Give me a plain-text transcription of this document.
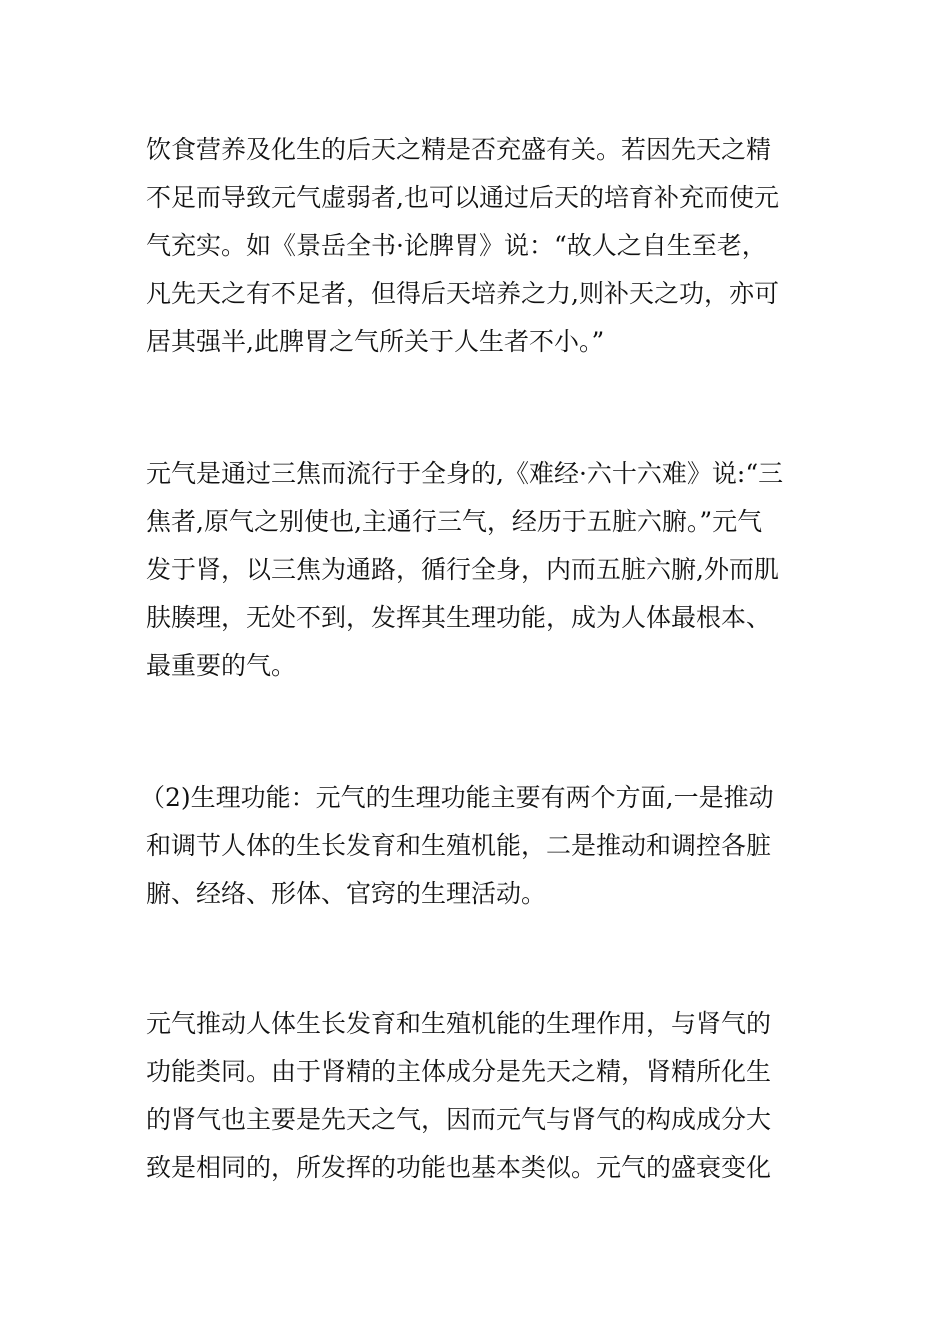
饮食营养及化生的后天之精是否充盛有关。若因先天之精
不足而导致元气虚弱者,也可以通过后天的培育补充而使元
气充实。如《景岳全书·论脾胃》说：“故人之自生至老，
凡先天之有不足者，但得后天培养之力,则补天之功，亦可
居其强半,此脾胃之气所关于人生者不小。”

元气是通过三焦而流行于全身的,《难经·六十六难》说:“三
焦者,原气之别使也,主通行三气，经历于五脏六腑。”元气
发于肾，以三焦为通路，循行全身，内而五脏六腑,外而肌
肤腠理，无处不到，发挥其生理功能，成为人体最根本、
最重要的气。

（2)生理功能：元气的生理功能主要有两个方面,一是推动
和调节人体的生长发育和生殖机能，二是推动和调控各脏
腑、经络、形体、官窍的生理活动。

元气推动人体生长发育和生殖机能的生理作用，与肾气的
功能类同。由于肾精的主体成分是先天之精，肾精所化生
的肾气也主要是先天之气，因而元气与肾气的构成成分大
致是相同的，所发挥的功能也基本类似。元气的盛衰变化
